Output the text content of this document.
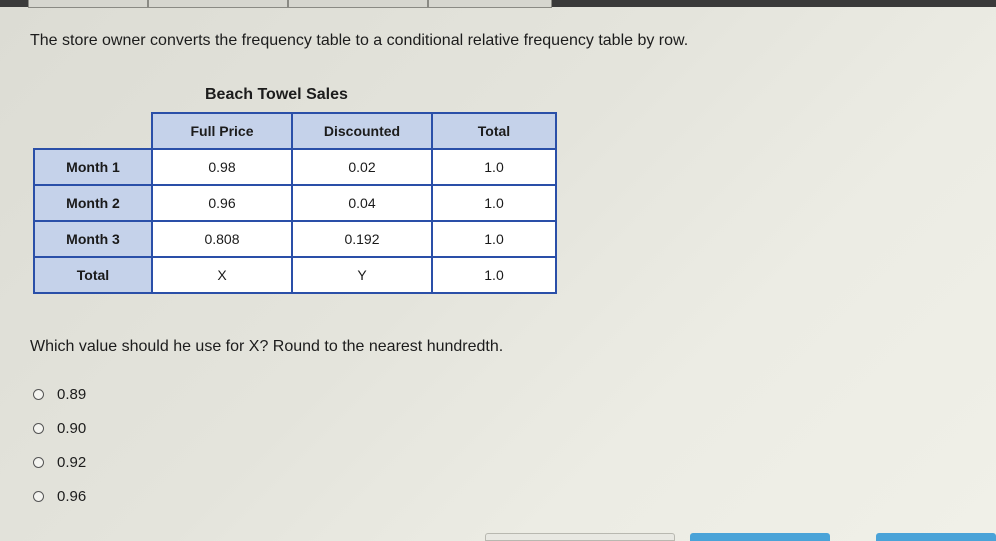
The store owner converts the frequency table to a conditional relative frequency table by row.
Beach Towel Sales
	Full Price	Discounted	Total
Month 1	0.98	0.02	1.0
Month 2	0.96	0.04	1.0
Month 3	0.808	0.192	1.0
Total	X	Y	1.0
Which value should he use for X? Round to the nearest hundredth.
0.89
0.90
0.92
0.96
